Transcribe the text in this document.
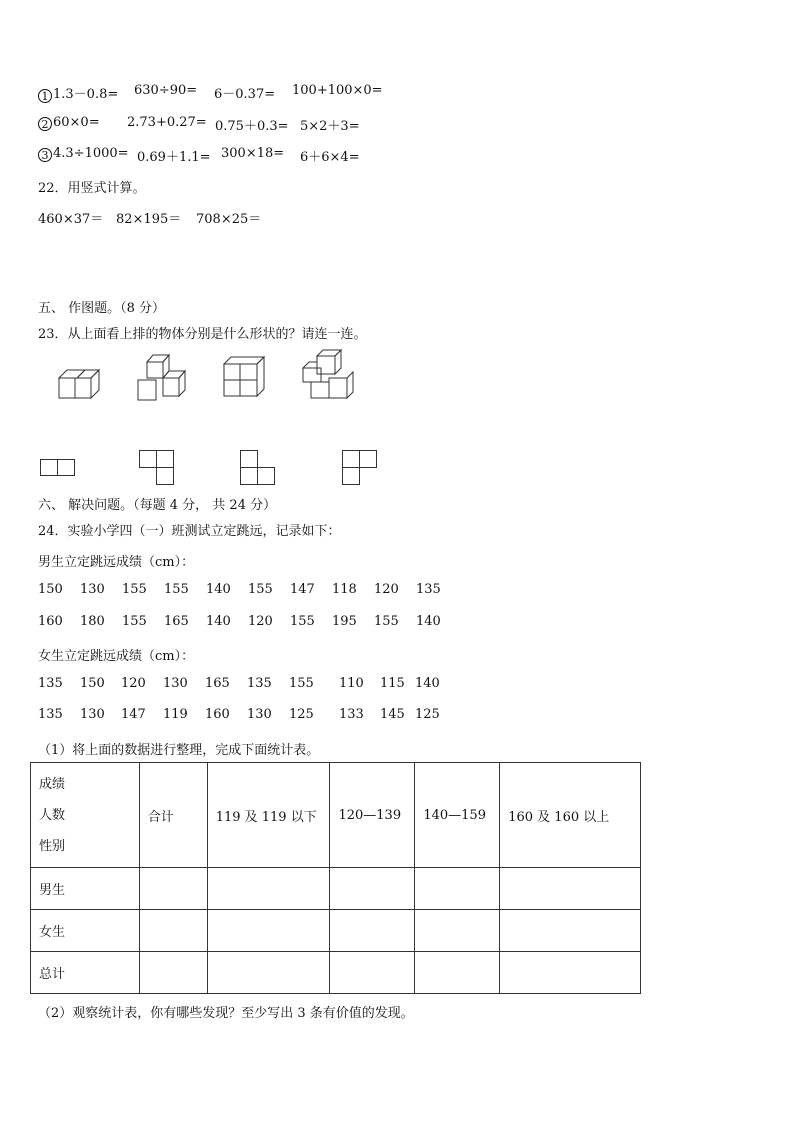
1 1.3－0.8= 630÷90= 6－0.37= 100+100×0=
2 60×0= 2.73+0.27= 0.75＋0.3= 5×2＋3=
3 4.3÷1000= 0.69＋1.1= 300×18= 6＋6×4=
22．用竖式计算。
460×37＝ 82×195＝ 708×25＝
五、 作图题。（8 分）
23．从上面看上排的物体分别是什么形状的？请连一连。
六、 解决问题。（每题 4 分， 共 24 分）
24．实验小学四（一）班测试立定跳远，记录如下：
男生立定跳远成绩（cm）：
150 130 155 155 140 155 147 118 120 135
160 180 155 165 140 120 155 195 155 140
女生立定跳远成绩（cm）：
135 150 120 130 165 135 155 110 115 140
135 130 147 119 160 130 125 133 145 125
（1）将上面的数据进行整理，完成下面统计表。
成绩
人数
性别	合计	119 及 119 以下	120—139	140—159	160 及 160 以上
男生					
女生					
总计					
（2）观察统计表，你有哪些发现？至少写出 3 条有价值的发现。
